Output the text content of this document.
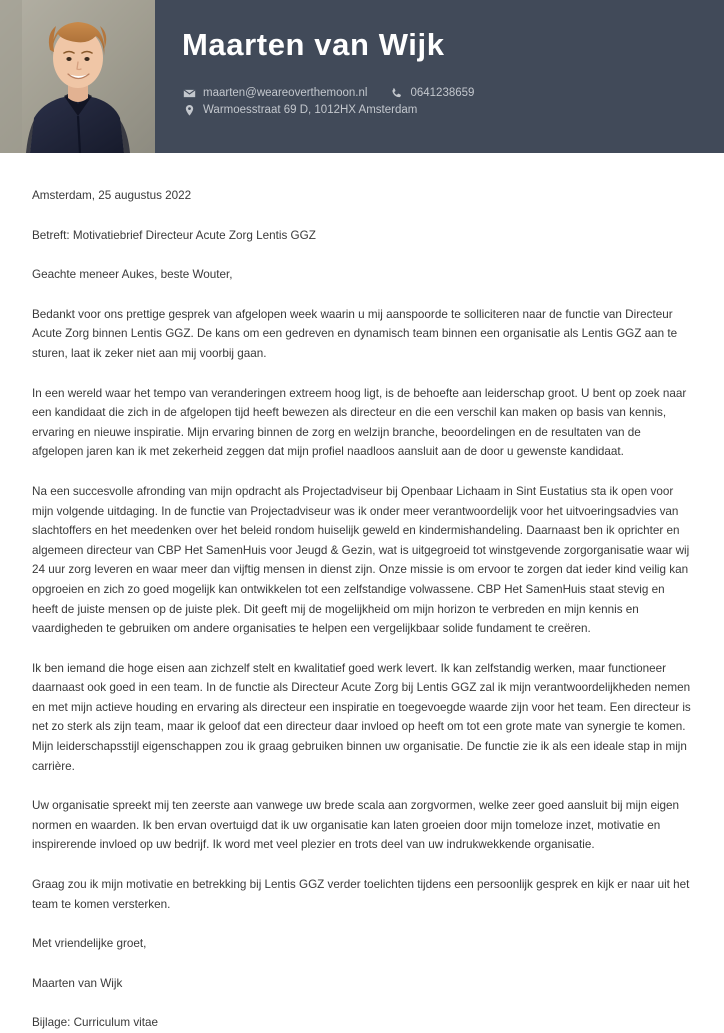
Maarten van Wijk
maarten@weareoverthemoon.nl	0641238659
Warmoesstraat 69 D, 1012HX Amsterdam

Amsterdam, 25 augustus 2022

Betreft: Motivatiebrief Directeur Acute Zorg Lentis GGZ

Geachte meneer Aukes, beste Wouter,

Bedankt voor ons prettige gesprek van afgelopen week waarin u mij aanspoorde te solliciteren naar de functie van Directeur Acute Zorg binnen Lentis GGZ. De kans om een gedreven en dynamisch team binnen een organisatie als Lentis GGZ aan te sturen, laat ik zeker niet aan mij voorbij gaan.

In een wereld waar het tempo van veranderingen extreem hoog ligt, is de behoefte aan leiderschap groot. U bent op zoek naar een kandidaat die zich in de afgelopen tijd heeft bewezen als directeur en die een verschil kan maken op basis van kennis, ervaring en nieuwe inspiratie. Mijn ervaring binnen de zorg en welzijn branche, beoordelingen en de resultaten van de afgelopen jaren kan ik met zekerheid zeggen dat mijn profiel naadloos aansluit aan de door u gewenste kandidaat.

Na een succesvolle afronding van mijn opdracht als Projectadviseur bij Openbaar Lichaam in Sint Eustatius sta ik open voor mijn volgende uitdaging. In de functie van Projectadviseur was ik onder meer verantwoordelijk voor het uitvoeringsadvies van slachtoffers en het meedenken over het beleid rondom huiselijk geweld en kindermishandeling. Daarnaast ben ik oprichter en algemeen directeur van CBP Het SamenHuis voor Jeugd & Gezin, wat is uitgegroeid tot winstgevende zorgorganisatie waar wij 24 uur zorg leveren en waar meer dan vijftig mensen in dienst zijn. Onze missie is om ervoor te zorgen dat ieder kind veilig kan opgroeien en zich zo goed mogelijk kan ontwikkelen tot een zelfstandige volwassene. CBP Het SamenHuis staat stevig en heeft de juiste mensen op de juiste plek. Dit geeft mij de mogelijkheid om mijn horizon te verbreden en mijn kennis en vaardigheden te gebruiken om andere organisaties te helpen een vergelijkbaar solide fundament te creëren.

Ik ben iemand die hoge eisen aan zichzelf stelt en kwalitatief goed werk levert. Ik kan zelfstandig werken, maar functioneer daarnaast ook goed in een team. In de functie als Directeur Acute Zorg bij Lentis GGZ zal ik mijn verantwoordelijkheden nemen en met mijn actieve houding en ervaring als directeur een inspiratie en toegevoegde waarde zijn voor het team. Een directeur is net zo sterk als zijn team, maar ik geloof dat een directeur daar invloed op heeft om tot een grote mate van synergie te komen. Mijn leiderschapsstijl eigenschappen zou ik graag gebruiken binnen uw organisatie. De functie zie ik als een ideale stap in mijn carrière.

Uw organisatie spreekt mij ten zeerste aan vanwege uw brede scala aan zorgvormen, welke zeer goed aansluit bij mijn eigen normen en waarden. Ik ben ervan overtuigd dat ik uw organisatie kan laten groeien door mijn tomeloze inzet, motivatie en inspirerende invloed op uw bedrijf. Ik word met veel plezier en trots deel van uw indrukwekkende organisatie.

Graag zou ik mijn motivatie en betrekking bij Lentis GGZ verder toelichten tijdens een persoonlijk gesprek en kijk er naar uit het team te komen versterken.

Met vriendelijke groet,

Maarten van Wijk

Bijlage: Curriculum vitae
